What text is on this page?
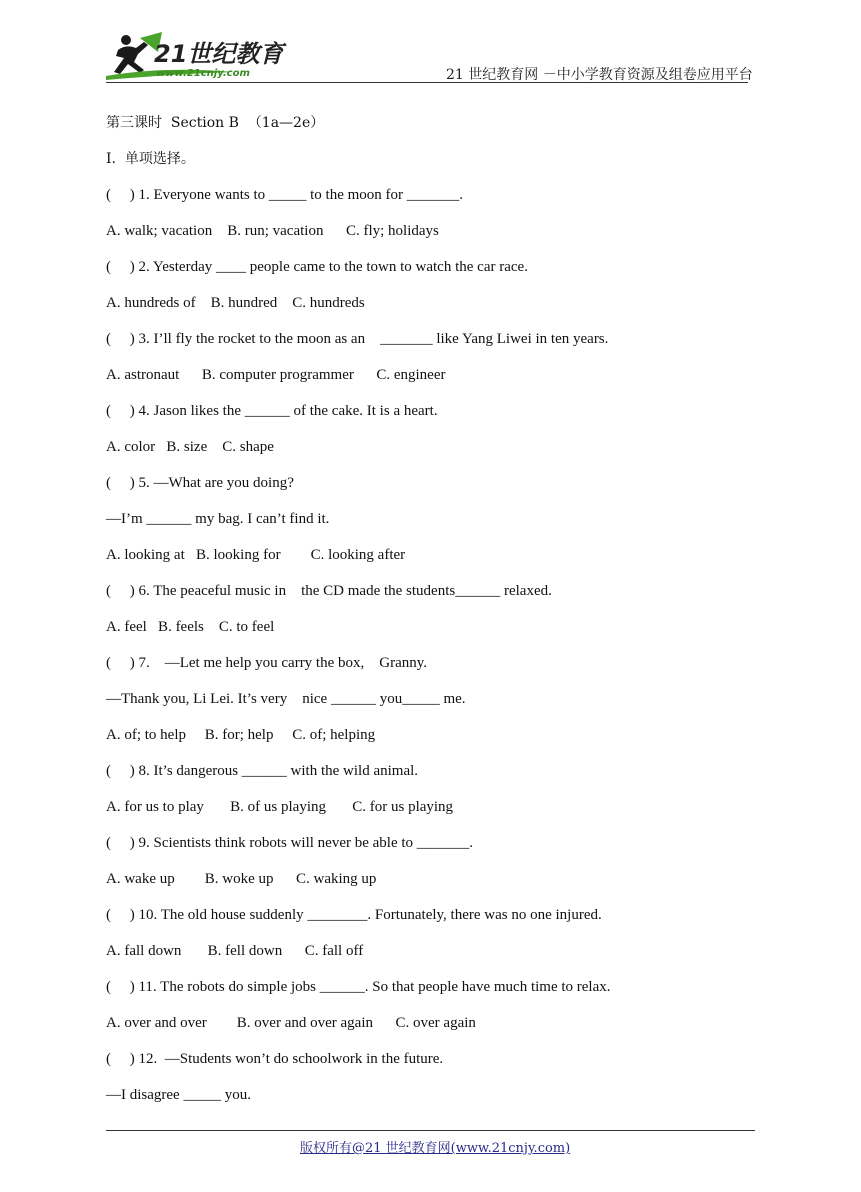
21世纪教育
www.21cnjy.com	21 世纪教育网 －中小学教育资源及组卷应用平台
第三课时  Section B  （1a—2e）
I.  单项选择。
(     ) 1. Everyone wants to _____ to the moon for _______.
A. walk; vacation    B. run; vacation      C. fly; holidays
(     ) 2. Yesterday ____ people came to the town to watch the car race.
A. hundreds of    B. hundred    C. hundreds
(     ) 3. I’ll fly the rocket to the moon as an    _______ like Yang Liwei in ten years.
A. astronaut      B. computer programmer      C. engineer
(     ) 4. Jason likes the ______ of the cake. It is a heart.
A. color   B. size    C. shape
(     ) 5. —What are you doing?
—I’m ______ my bag. I can’t find it.
A. looking at   B. looking for        C. looking after
(     ) 6. The peaceful music in    the CD made the students______ relaxed.
A. feel   B. feels    C. to feel
(     ) 7.    —Let me help you carry the box,    Granny.
—Thank you, Li Lei. It’s very    nice ______ you_____ me.
A. of; to help     B. for; help     C. of; helping
(     ) 8. It’s dangerous ______ with the wild animal.
A. for us to play       B. of us playing       C. for us playing
(     ) 9. Scientists think robots will never be able to _______.
A. wake up        B. woke up      C. waking up
(     ) 10. The old house suddenly ________. Fortunately, there was no one injured.
A. fall down       B. fell down      C. fall off
(     ) 11. The robots do simple jobs ______. So that people have much time to relax.
A. over and over        B. over and over again      C. over again
(     ) 12.  —Students won’t do schoolwork in the future.
—I disagree _____ you.
版权所有@21 世纪教育网(www.21cnjy.com)
